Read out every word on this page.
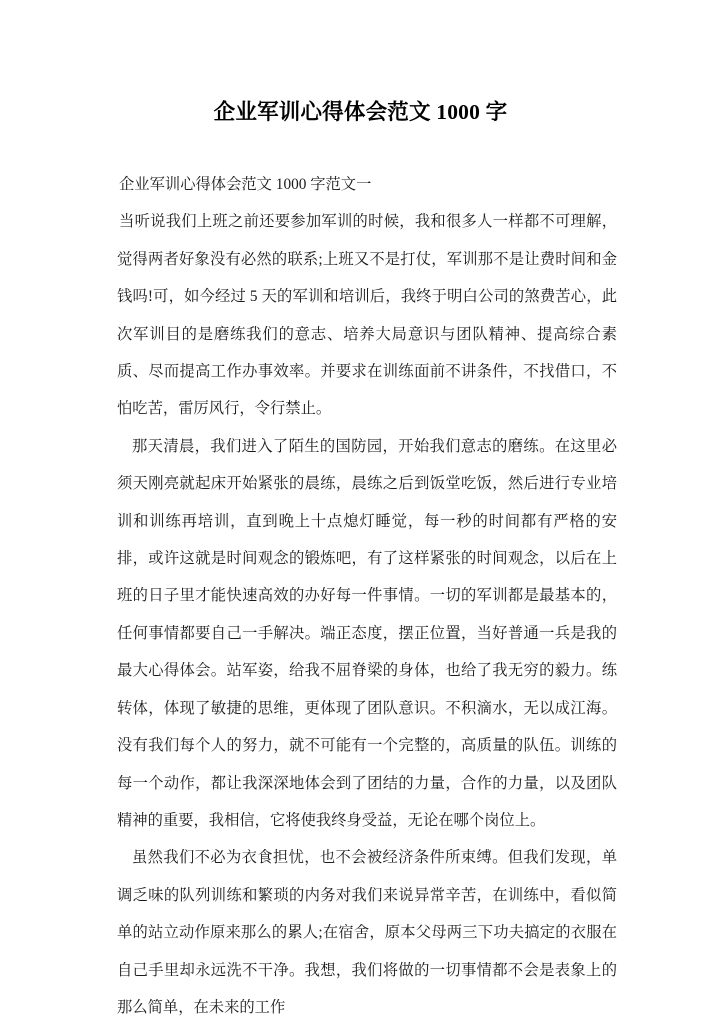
企业军训心得体会范文 1000 字

企业军训心得体会范文 1000 字范文一

当听说我们上班之前还要参加军训的时候，我和很多人一样都不可理解，觉得两者好象没有必然的联系;上班又不是打仗，军训那不是让费时间和金钱吗!可，如今经过 5 天的军训和培训后，我终于明白公司的煞费苦心，此次军训目的是磨练我们的意志、培养大局意识与团队精神、提高综合素质、尽而提高工作办事效率。并要求在训练面前不讲条件，不找借口，不怕吃苦，雷厉风行，令行禁止。

那天清晨，我们进入了陌生的国防园，开始我们意志的磨练。在这里必须天刚亮就起床开始紧张的晨练，晨练之后到饭堂吃饭，然后进行专业培训和训练再培训，直到晚上十点熄灯睡觉，每一秒的时间都有严格的安排，或许这就是时间观念的锻炼吧，有了这样紧张的时间观念，以后在上班的日子里才能快速高效的办好每一件事情。一切的军训都是最基本的，任何事情都要自己一手解决。端正态度，摆正位置，当好普通一兵是我的最大心得体会。站军姿，给我不屈脊梁的身体，也给了我无穷的毅力。练转体，体现了敏捷的思维，更体现了团队意识。不积滴水，无以成江海。没有我们每个人的努力，就不可能有一个完整的，高质量的队伍。训练的每一个动作，都让我深深地体会到了团结的力量，合作的力量，以及团队精神的重要，我相信，它将使我终身受益，无论在哪个岗位上。

虽然我们不必为衣食担忧，也不会被经济条件所束缚。但我们发现，单调乏味的队列训练和繁琐的内务对我们来说异常辛苦，在训练中，看似简单的站立动作原来那么的累人;在宿舍，原本父母两三下功夫搞定的衣服在自己手里却永远洗不干净。我想，我们将做的一切事情都不会是表象上的那么简单，在未来的工作
